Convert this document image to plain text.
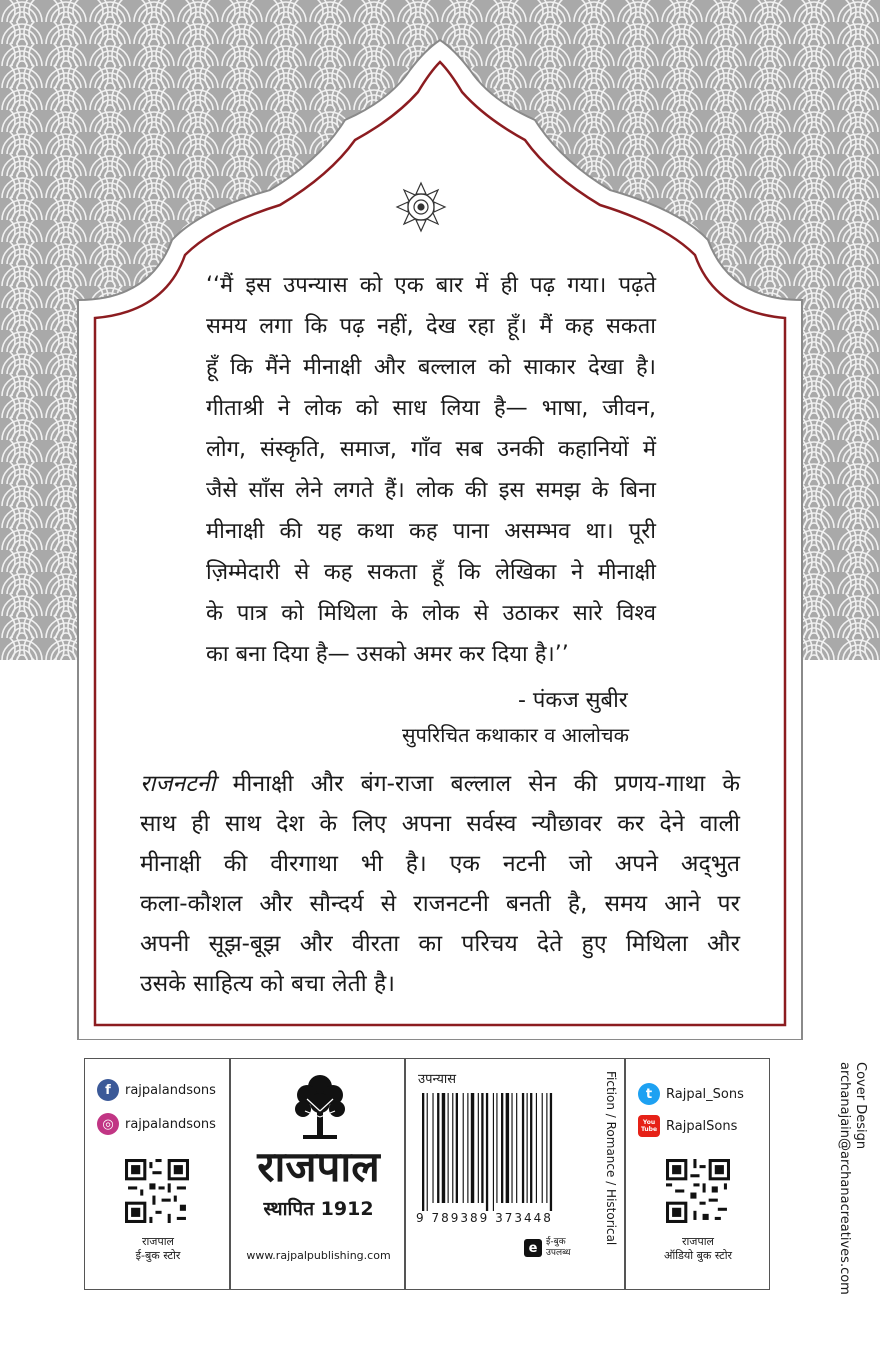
‘‘मैं इस उपन्यास को एक बार में ही पढ़ गया। पढ़ते
समय लगा कि पढ़ नहीं, देख रहा हूँ। मैं कह सकता
हूँ कि मैंने मीनाक्षी और बल्लाल को साकार देखा है।
गीताश्री ने लोक को साध लिया है— भाषा, जीवन,
लोग, संस्कृति, समाज, गाँव सब उनकी कहानियों में
जैसे साँस लेने लगते हैं। लोक की इस समझ के बिना
मीनाक्षी की यह कथा कह पाना असम्भव था। पूरी
ज़िम्मेदारी से कह सकता हूँ कि लेखिका ने मीनाक्षी
के पात्र को मिथिला के लोक से उठाकर सारे विश्व
का बना दिया है— उसको अमर कर दिया है।’’
- पंकज सुबीर
सुपरिचित कथाकार व आलोचक
राजनटनी मीनाक्षी और बंग-राजा बल्लाल सेन की प्रणय-गाथा के
साथ ही साथ देश के लिए अपना सर्वस्व न्यौछावर कर देने वाली
मीनाक्षी की वीरगाथा भी है। एक नटनी जो अपने अद्‌भुत
कला-कौशल और सौन्दर्य से राजनटनी बनती है, समय आने पर
अपनी सूझ-बूझ और वीरता का परिचय देते हुए मिथिला और
उसके साहित्य को बचा लेती है।
f	rajpalandsons
◎ rajpalandsons
राजपाल
ई-बुक स्टोर
राजपाल
स्थापित 1912
www.rajpalpublishing.com
उपन्यास
9 789389 373448
e ई-बुक
उपलब्ध
Fiction / Romance / Historical	t	Rajpal_Sons
You Tube RajpalSons
राजपाल
ऑडियो बुक स्टोर
Cover Design
archanajain@archanacreatives.com
